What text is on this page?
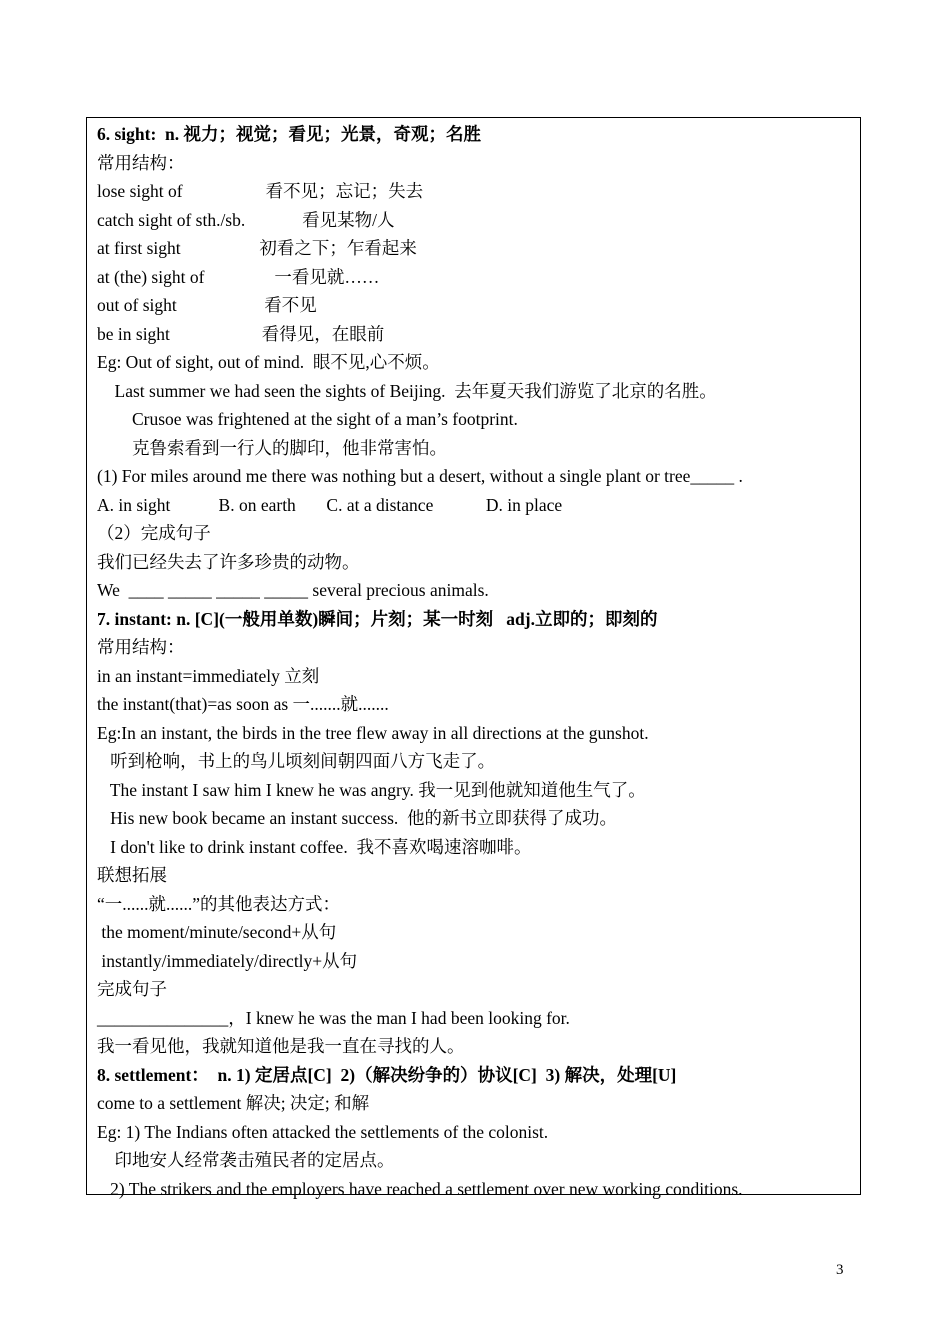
6. sight:  n. 视力；视觉；看见；光景，奇观；名胜
常用结构：
lose sight of                   看不见；忘记；失去
catch sight of sth./sb.             看见某物/人
at first sight                  初看之下；乍看起来
at (the) sight of                一看见就……
out of sight                    看不见
be in sight                     看得见，在眼前
Eg: Out of sight, out of mind.  眼不见,心不烦。
Last summer we had seen the sights of Beijing.  去年夏天我们游览了北京的名胜。
Crusoe was frightened at the sight of a man’s footprint.
克鲁索看到一行人的脚印，他非常害怕。
(1) For miles around me there was nothing but a desert, without a single plant or tree_____ .
A. in sight           B. on earth       C. at a distance            D. in place
（2）完成句子
我们已经失去了许多珍贵的动物。
We  ____ _____ _____ _____ several precious animals.
7. instant: n. [C](一般用单数)瞬间；片刻；某一时刻   adj.立即的；即刻的
常用结构：
in an instant=immediately 立刻
the instant(that)=as soon as 一.......就.......
Eg:In an instant, the birds in the tree flew away in all directions at the gunshot.
听到枪响，书上的鸟儿顷刻间朝四面八方飞走了。
The instant I saw him I knew he was angry. 我一见到他就知道他生气了。
His new book became an instant success.  他的新书立即获得了成功。
I don't like to drink instant coffee.  我不喜欢喝速溶咖啡。
联想拓展
“一......就......”的其他表达方式：
the moment/minute/second+从句
instantly/immediately/directly+从句
完成句子
_______________，I knew he was the man I had been looking for.
我一看见他，我就知道他是我一直在寻找的人。
8. settlement：  n. 1) 定居点[C]  2)（解决纷争的）协议[C]  3) 解决，处理[U]
come to a settlement 解决; 决定; 和解
Eg: 1) The Indians often attacked the settlements of the colonist.
印地安人经常袭击殖民者的定居点。
2) The strikers and the employers have reached a settlement over new working conditions.
3
